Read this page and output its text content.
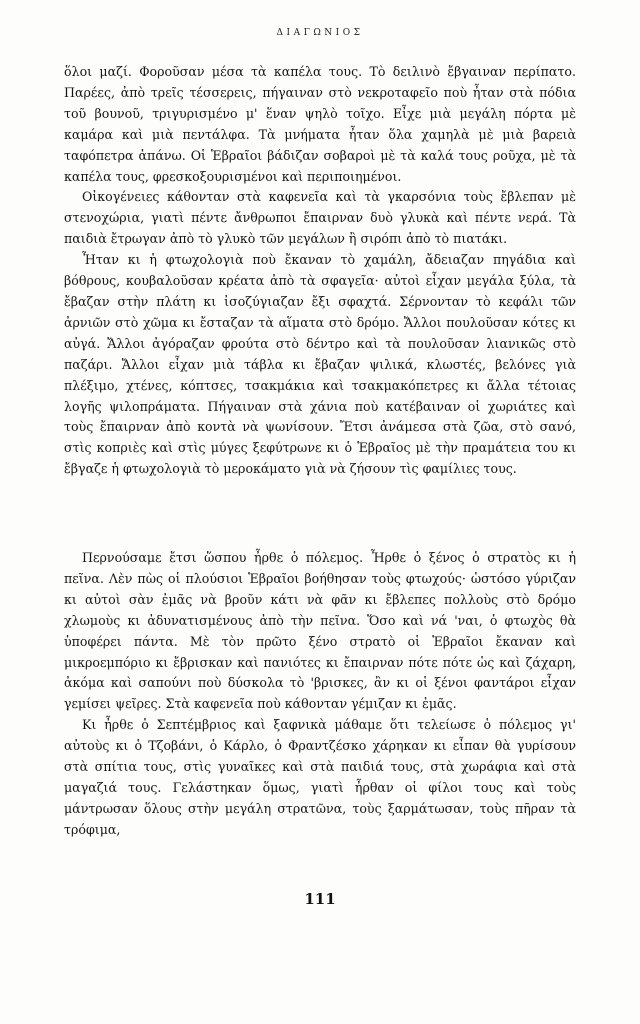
ΔΙΑΓΩΝΙΟΣ

ὅλοι μαζί. Φοροῦσαν μέσα τὰ καπέλα τους. Τὸ δειλινὸ ἔβγαιναν περίπατο. Παρέες, ἀπὸ τρεῖς τέσσερεις, πήγαιναν στὸ νεκροταφεῖο ποὺ ἦταν στὰ πόδια τοῦ βουνοῦ, τριγυρισμένο μ' ἕναν ψηλὸ τοῖχο. Εἶχε μιὰ μεγάλη πόρτα μὲ καμάρα καὶ μιὰ πεντάλφα. Τὰ μνήματα ἦταν ὅλα χαμηλὰ μὲ μιὰ βαρειὰ ταφόπετρα ἀπάνω. Οἱ Ἑβραῖοι βάδιζαν σοβαροὶ μὲ τὰ καλά τους ροῦχα, μὲ τὰ καπέλα τους, φρεσκοξουρισμένοι καὶ περιποιημένοι.

Οἰκογένειες κάθονταν στὰ καφενεῖα καὶ τὰ γκαρσόνια τοὺς ἔβλεπαν μὲ στενοχώρια, γιατὶ πέντε ἄνθρωποι ἔπαιρναν δυὸ γλυκὰ καὶ πέντε νερά. Τὰ παιδιὰ ἔτρωγαν ἀπὸ τὸ γλυκὸ τῶν μεγάλων ἢ σιρόπι ἀπὸ τὸ πιατάκι.

Ἦταν κι ἡ φτωχολογιὰ ποὺ ἔκαναν τὸ χαμάλη, ἄδειαζαν πηγάδια καὶ βόθρους, κουβαλοῦσαν κρέατα ἀπὸ τὰ σφαγεῖα· αὐτοὶ εἶχαν μεγάλα ξύλα, τὰ ἔβαζαν στὴν πλάτη κι ἰσοζύγιαζαν ἔξι σφαχτά. Σέρνονταν τὸ κεφάλι τῶν ἀρνιῶν στὸ χῶμα κι ἔσταζαν τὰ αἵματα στὸ δρόμο. Ἄλλοι πουλοῦσαν κότες κι αὐγά. Ἄλλοι ἀγόραζαν φρούτα στὸ δέντρο καὶ τὰ πουλοῦσαν λιανικῶς στὸ παζάρι. Ἄλλοι εἶχαν μιὰ τάβλα κι ἔβαζαν ψιλικά, κλωστές, βελόνες γιὰ πλέξιμο, χτένες, κόπτσες, τσακμάκια καὶ τσακμακόπετρες κι ἄλλα τέτοιας λογῆς ψιλοπράματα. Πήγαιναν στὰ χάνια ποὺ κατέβαιναν οἱ χωριάτες καὶ τοὺς ἔπαιρναν ἀπὸ κοντὰ νὰ ψωνίσουν. Ἔτσι ἀνάμεσα στὰ ζῶα, στὸ σανό, στὶς κοπριὲς καὶ στὶς μύγες ξεφύτρωνε κι ὁ Ἑβραῖος μὲ τὴν πραμάτεια του κι ἔβγαζε ἡ φτωχολογιὰ τὸ μεροκάματο γιὰ νὰ ζήσουν τὶς φαμίλιες τους.

Περνούσαμε ἔτσι ὥσπου ἦρθε ὁ πόλεμος. Ἦρθε ὁ ξένος ὁ στρατὸς κι ἡ πεῖνα. Λὲν πὼς οἱ πλούσιοι Ἑβραῖοι βοήθησαν τοὺς φτωχούς· ὡστόσο γύριζαν κι αὐτοὶ σὰν ἐμᾶς νὰ βροῦν κάτι νὰ φᾶν κι ἔβλεπες πολλοὺς στὸ δρόμο χλωμοὺς κι ἀδυνατισμένους ἀπὸ τὴν πεῖνα. Ὅσο καὶ νά 'ναι, ὁ φτωχὸς θὰ ὑποφέρει πάντα. Μὲ τὸν πρῶτο ξένο στρατὸ οἱ Ἑβραῖοι ἔκαναν καὶ μικροεμπόριο κι ἔβρισκαν καὶ πανιότες κι ἔπαιρναν πότε πότε ὡς καὶ ζάχαρη, ἀκόμα καὶ σαπούνι ποὺ δύσκολα τὸ 'βρισκες, ἂν κι οἱ ξένοι φαντάροι εἶχαν γεμίσει ψεῖρες. Στὰ καφενεῖα ποὺ κάθονταν γέμιζαν κι ἐμᾶς.

Κι ἦρθε ὁ Σεπτέμβριος καὶ ξαφνικὰ μάθαμε ὅτι τελείωσε ὁ πόλεμος γι' αὐτοὺς κι ὁ Τζοβάνι, ὁ Κάρλο, ὁ Φραντζέσκο χάρηκαν κι εἶπαν θὰ γυρίσουν στὰ σπίτια τους, στὶς γυναῖκες καὶ στὰ παιδιά τους, στὰ χωράφια καὶ στὰ μαγαζιά τους. Γελάστηκαν ὅμως, γιατὶ ἦρθαν οἱ φίλοι τους καὶ τοὺς μάντρωσαν ὅλους στὴν μεγάλη στρατῶνα, τοὺς ξαρμάτωσαν, τοὺς πῆραν τὰ τρόφιμα,

111
